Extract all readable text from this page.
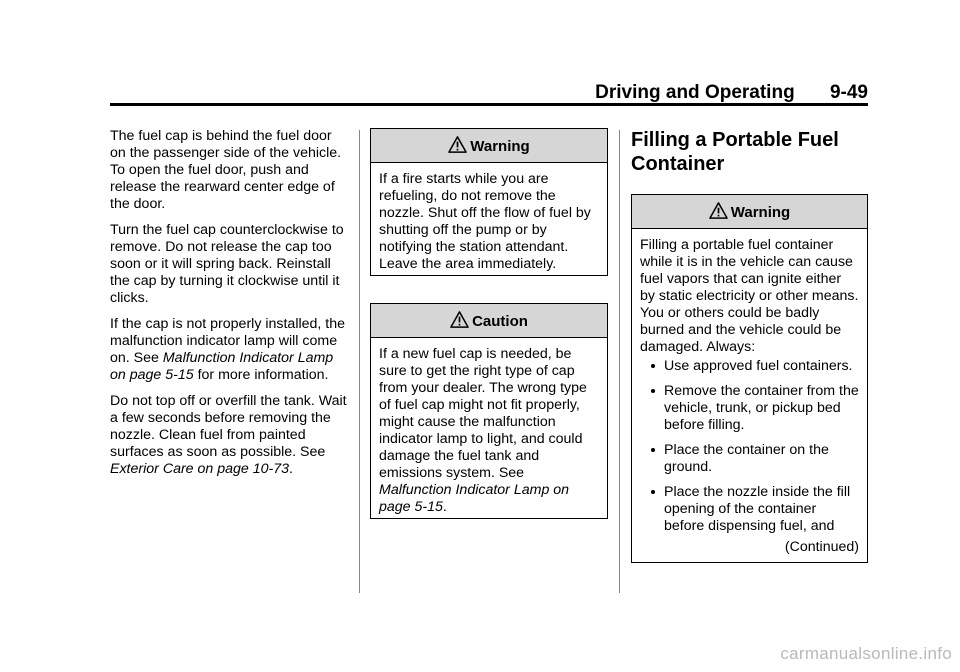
Driving and Operating 9-49

The fuel cap is behind the fuel door on the passenger side of the vehicle. To open the fuel door, push and release the rearward center edge of the door.

Turn the fuel cap counterclockwise to remove. Do not release the cap too soon or it will spring back. Reinstall the cap by turning it clockwise until it clicks.

If the cap is not properly installed, the malfunction indicator lamp will come on. See Malfunction Indicator Lamp on page 5-15 for more information.

Do not top off or overfill the tank. Wait a few seconds before removing the nozzle. Clean fuel from painted surfaces as soon as possible. See Exterior Care on page 10-73.

Warning

If a fire starts while you are refueling, do not remove the nozzle. Shut off the flow of fuel by shutting off the pump or by notifying the station attendant. Leave the area immediately.

Caution

If a new fuel cap is needed, be sure to get the right type of cap from your dealer. The wrong type of fuel cap might not fit properly, might cause the malfunction indicator lamp to light, and could damage the fuel tank and emissions system. See Malfunction Indicator Lamp on page 5-15.

Filling a Portable Fuel Container
Warning

Filling a portable fuel container while it is in the vehicle can cause fuel vapors that can ignite either by static electricity or other means. You or others could be badly burned and the vehicle could be damaged. Always:

Use approved fuel containers.
Remove the container from the vehicle, trunk, or pickup bed before filling.
Place the container on the ground.
Place the nozzle inside the fill opening of the container before dispensing fuel, and
(Continued)
carmanualsonline.info
